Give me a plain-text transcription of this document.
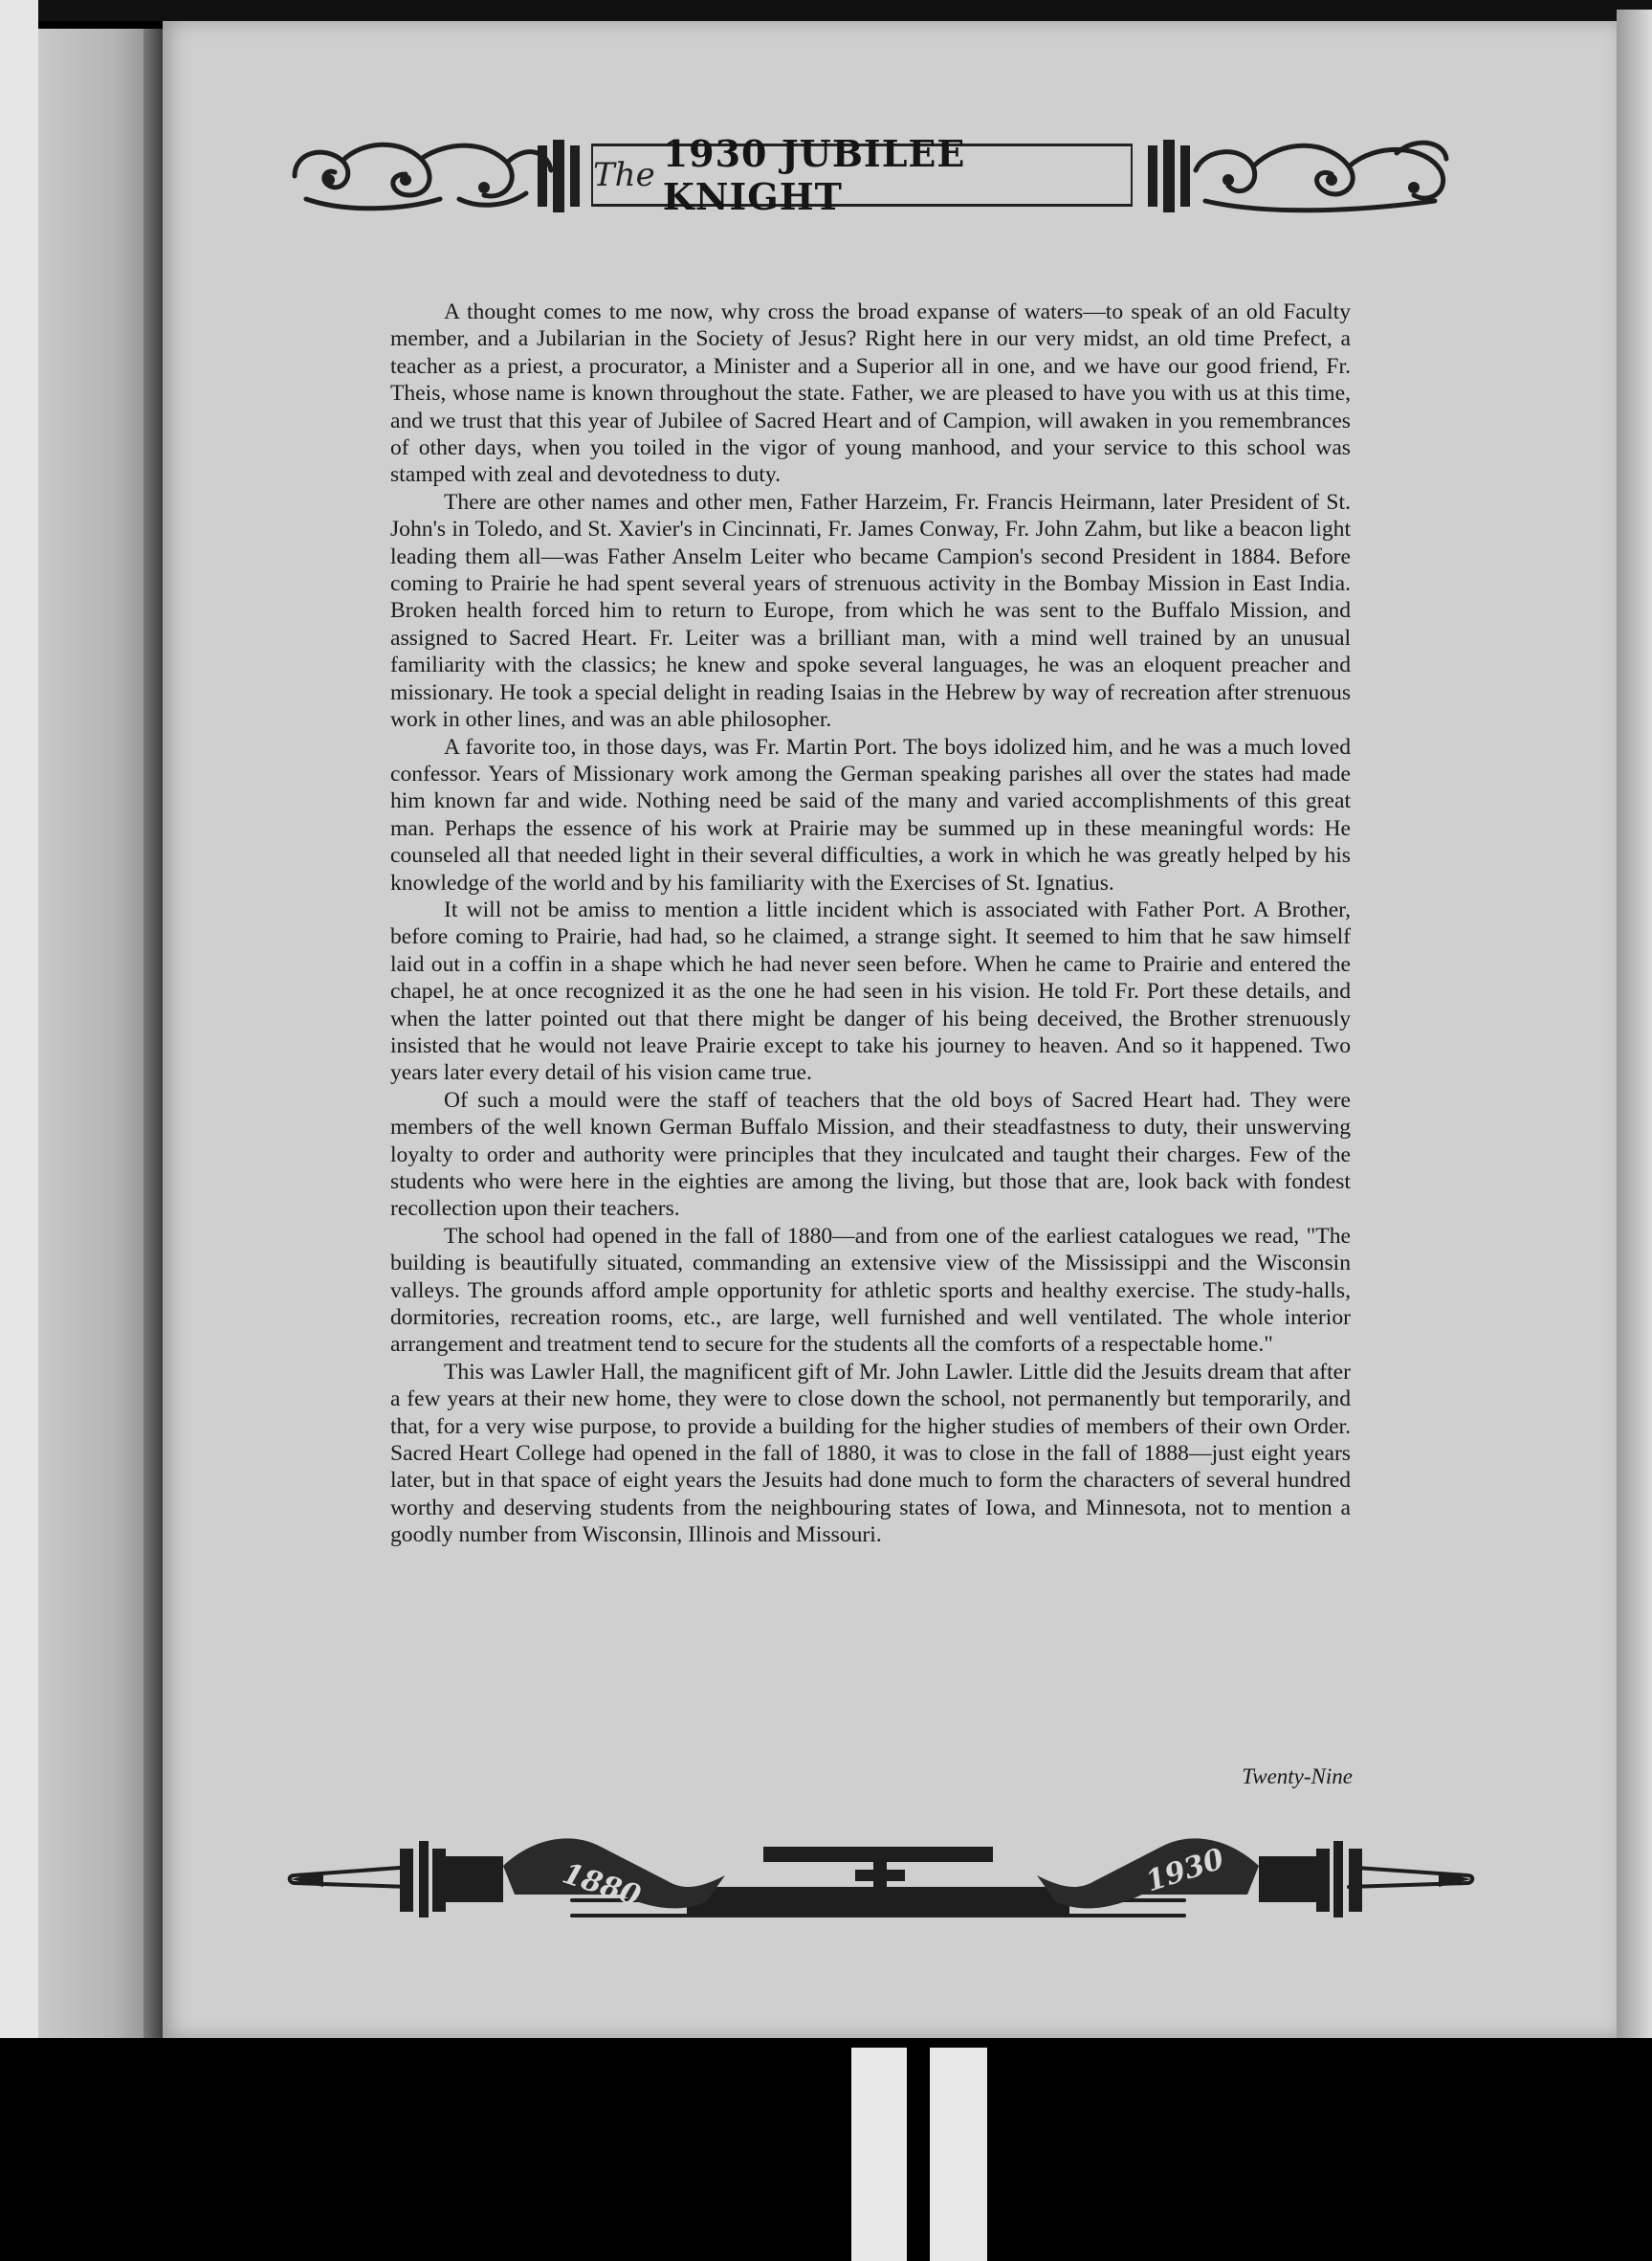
The 1930 JUBILEE KNIGHT

A thought comes to me now, why cross the broad expanse of waters—to speak of an old Faculty member, and a Jubilarian in the Society of Jesus? Right here in our very midst, an old time Prefect, a teacher as a priest, a procurator, a Minister and a Superior all in one, and we have our good friend, Fr. Theis, whose name is known throughout the state. Father, we are pleased to have you with us at this time, and we trust that this year of Jubilee of Sacred Heart and of Campion, will awaken in you remembrances of other days, when you toiled in the vigor of young manhood, and your service to this school was stamped with zeal and devotedness to duty.

There are other names and other men, Father Harzeim, Fr. Francis Heirmann, later President of St. John's in Toledo, and St. Xavier's in Cincinnati, Fr. James Conway, Fr. John Zahm, but like a beacon light leading them all—was Father Anselm Leiter who became Campion's second President in 1884. Before coming to Prairie he had spent several years of strenuous activity in the Bombay Mission in East India. Broken health forced him to return to Europe, from which he was sent to the Buffalo Mission, and assigned to Sacred Heart. Fr. Leiter was a brilliant man, with a mind well trained by an unusual familiarity with the classics; he knew and spoke several languages, he was an eloquent preacher and missionary. He took a special delight in reading Isaias in the Hebrew by way of recreation after strenuous work in other lines, and was an able philosopher.

A favorite too, in those days, was Fr. Martin Port. The boys idolized him, and he was a much loved confessor. Years of Missionary work among the German speaking parishes all over the states had made him known far and wide. Nothing need be said of the many and varied accomplishments of this great man. Perhaps the essence of his work at Prairie may be summed up in these meaningful words: He counseled all that needed light in their several difficulties, a work in which he was greatly helped by his knowledge of the world and by his familiarity with the Exercises of St. Ignatius.

It will not be amiss to mention a little incident which is associated with Father Port. A Brother, before coming to Prairie, had had, so he claimed, a strange sight. It seemed to him that he saw himself laid out in a coffin in a shape which he had never seen before. When he came to Prairie and entered the chapel, he at once recognized it as the one he had seen in his vision. He told Fr. Port these details, and when the latter pointed out that there might be danger of his being deceived, the Brother strenuously insisted that he would not leave Prairie except to take his journey to heaven. And so it happened. Two years later every detail of his vision came true.

Of such a mould were the staff of teachers that the old boys of Sacred Heart had. They were members of the well known German Buffalo Mission, and their steadfastness to duty, their unswerving loyalty to order and authority were principles that they inculcated and taught their charges. Few of the students who were here in the eighties are among the living, but those that are, look back with fondest recollection upon their teachers.

The school had opened in the fall of 1880—and from one of the earliest catalogues we read, "The building is beautifully situated, commanding an extensive view of the Mississippi and the Wisconsin valleys. The grounds afford ample opportunity for athletic sports and healthy exercise. The study-halls, dormitories, recreation rooms, etc., are large, well furnished and well ventilated. The whole interior arrangement and treatment tend to secure for the students all the comforts of a respectable home."

This was Lawler Hall, the magnificent gift of Mr. John Lawler. Little did the Jesuits dream that after a few years at their new home, they were to close down the school, not permanently but temporarily, and that, for a very wise purpose, to provide a building for the higher studies of members of their own Order. Sacred Heart College had opened in the fall of 1880, it was to close in the fall of 1888—just eight years later, but in that space of eight years the Jesuits had done much to form the characters of several hundred worthy and deserving students from the neighbouring states of Iowa, and Minnesota, not to mention a goodly number from Wisconsin, Illinois and Missouri.

Twenty-Nine
1880	1930
